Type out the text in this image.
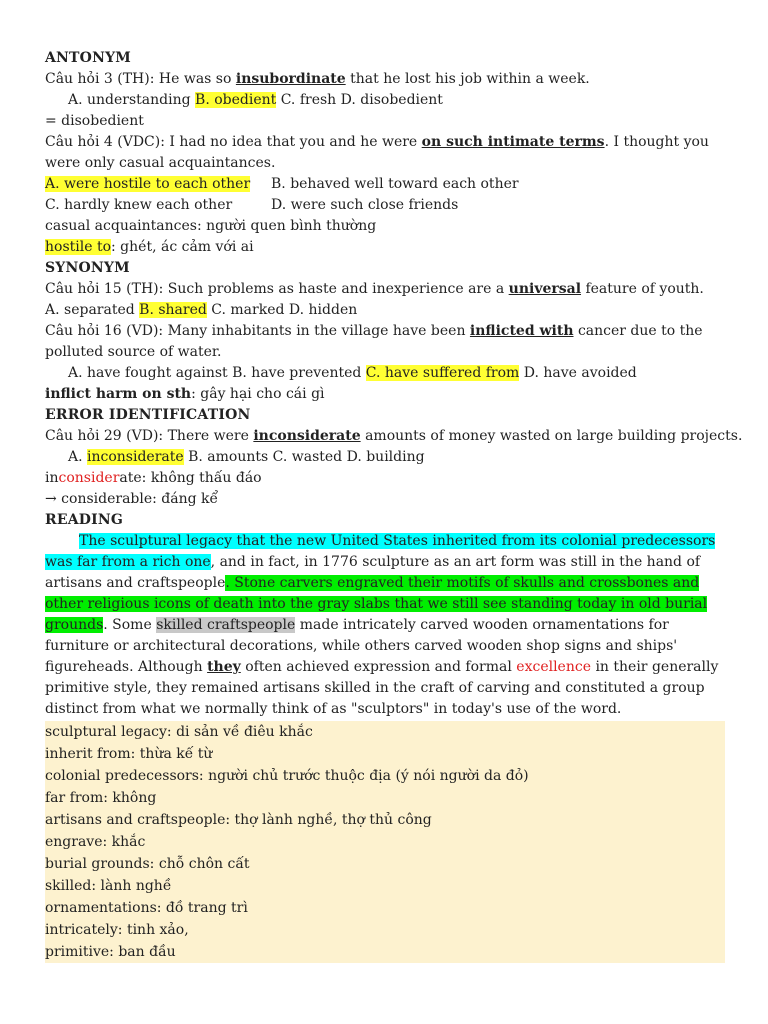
ANTONYM

Câu hỏi 3 (TH): He was so insubordinate that he lost his job within a week.

A. understanding B. obedient C. fresh D. disobedient

= disobedient

Câu hỏi 4 (VDC): I had no idea that you and he were on such intimate terms. I thought you were only casual acquaintances.

A. were hostile to each other B. behaved well toward each other

C. hardly knew each other	D. were such close friends

casual acquaintances: người quen bình thường

hostile to: ghét, ác cảm với ai

SYNONYM

Câu hỏi 15 (TH): Such problems as haste and inexperience are a universal feature of youth.

A. separated B. shared C. marked D. hidden

Câu hỏi 16 (VD): Many inhabitants in the village have been inflicted with cancer due to the polluted source of water.

A. have fought against B. have prevented C. have suffered from D. have avoided

inflict harm on sth: gây hại cho cái gì

ERROR IDENTIFICATION

Câu hỏi 29 (VD): There were inconsiderate amounts of money wasted on large building projects.

A. inconsiderate B. amounts C. wasted D. building

inconsiderate: không thấu đáo

→ considerable: đáng kể

READING

The sculptural legacy that the new United States inherited from its colonial predecessors was far from a rich one, and in fact, in 1776 sculpture as an art form was still in the hand of artisans and craftspeople. Stone carvers engraved their motifs of skulls and crossbones and other religious icons of death into the gray slabs that we still see standing today in old burial grounds. Some skilled craftspeople made intricately carved wooden ornamentations for furniture or architectural decorations, while others carved wooden shop signs and ships' figureheads. Although they often achieved expression and formal excellence in their generally primitive style, they remained artisans skilled in the craft of carving and constituted a group distinct from what we normally think of as "sculptors" in today's use of the word.

sculptural legacy: di sản về điêu khắc

inherit from: thừa kế từ

colonial predecessors: người chủ trước thuộc địa (ý nói người da đỏ)

far from: không

artisans and craftspeople: thợ lành nghề, thợ thủ công

engrave: khắc

burial grounds: chỗ chôn cất

skilled: lành nghề

ornamentations: đồ trang trì

intricately: tinh xảo,

primitive: ban đầu
